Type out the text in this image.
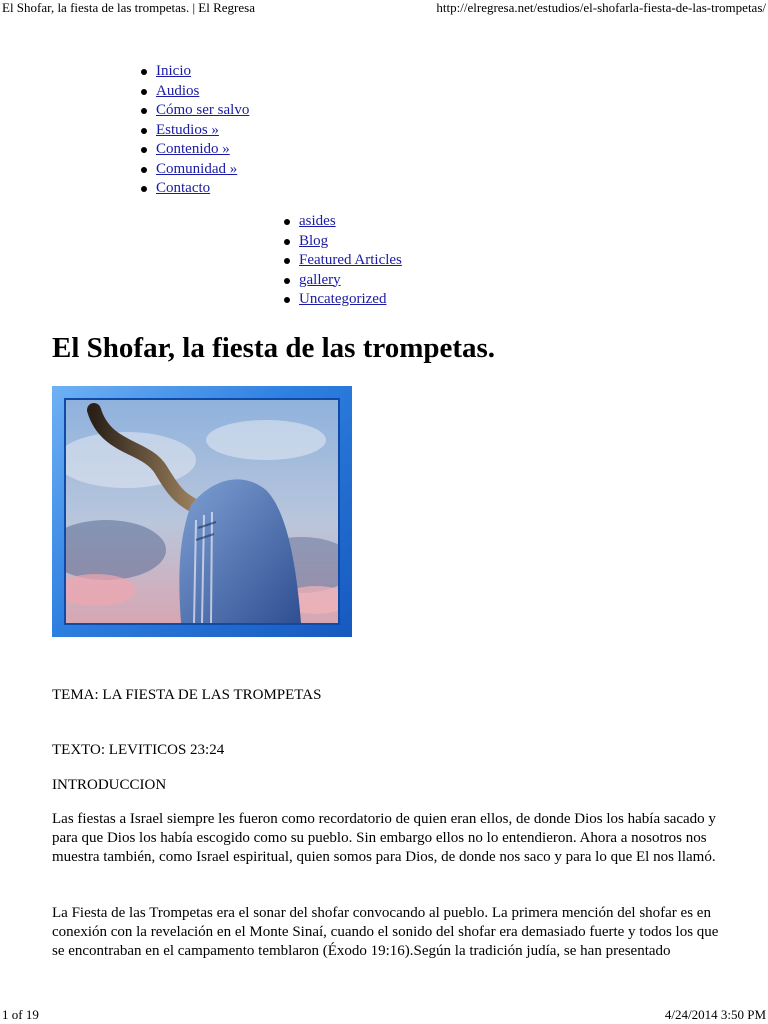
El Shofar, la fiesta de las trompetas. | El Regresa	http://elregresa.net/estudios/el-shofarla-fiesta-de-las-trompetas/
Inicio
Audios
Cómo ser salvo
Estudios »
Contenido »
Comunidad »
Contacto
asides
Blog
Featured Articles
gallery
Uncategorized
El Shofar, la fiesta de las trompetas.

TEMA: LA FIESTA DE LAS TROMPETAS

TEXTO: LEVITICOS 23:24

INTRODUCCION

Las fiestas a Israel siempre les fueron como recordatorio de quien eran ellos, de donde Dios los había sacado y para que Dios los había escogido como su pueblo. Sin embargo ellos no lo entendieron. Ahora a nosotros nos muestra también, como Israel espiritual, quien somos para Dios, de donde nos saco y para lo que El nos llamó.

La Fiesta de las Trompetas era el sonar del shofar convocando al pueblo. La primera mención del shofar es en conexión con la revelación en el Monte Sinaí, cuando el sonido del shofar era demasiado fuerte y todos los que se encontraban en el campamento temblaron (Éxodo 19:16).Según la tradición judía, se han presentado

1 of 19	4/24/2014 3:50 PM
